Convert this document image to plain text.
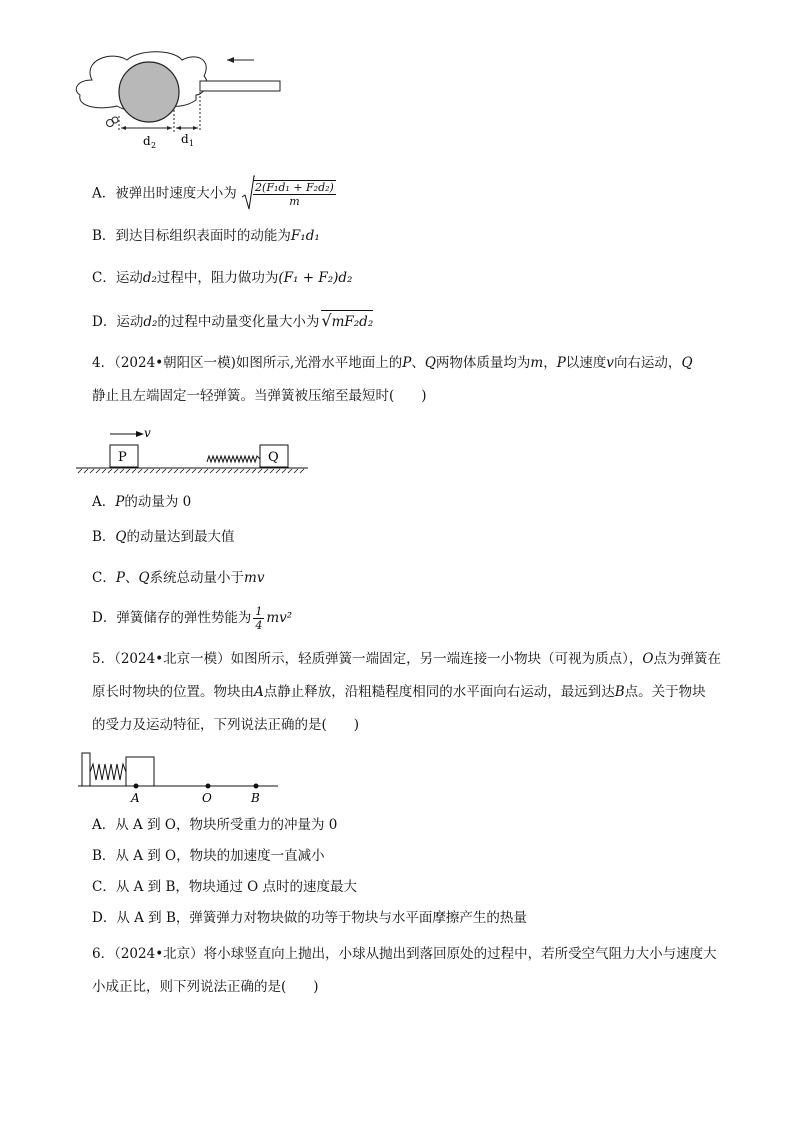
d 2 d 1
A．被弹出时速度大小为 $\frac{\text{2(F₁d₁ + F₂d₂)}}{m}$
B．到达目标组织表面时的动能为F₁d₁
C．运动d₂过程中，阻力做功为(F₁ + F₂)d₂
D．运动d₂的过程中动量变化量大小为 √mF₂d₂
4．（2024•朝阳区一模)如图所示,光滑水平地面上的P、Q两物体质量均为m，P以速度v向右运动，Q
静止且左端固定一轻弹簧。当弹簧被压缩至最短时(　　)
v
P	Q
A．P的动量为 0
B．Q的动量达到最大值
C．P、Q系统总动量小于mv
D．弹簧储存的弹性势能为 $\frac{1}{4} mv^2$
5．（2024•北京一模）如图所示，轻质弹簧一端固定，另一端连接一小物块（可视为质点），O点为弹簧在
原长时物块的位置。物块由A点静止释放，沿粗糙程度相同的水平面向右运动，最远到达B点。关于物块
的受力及运动特征，下列说法正确的是(　　)
A	O	B
A．从 A 到 O，物块所受重力的冲量为 0
B．从 A 到 O，物块的加速度一直减小
C．从 A 到 B，物块通过 O 点时的速度最大
D．从 A 到 B，弹簧弹力对物块做的功等于物块与水平面摩擦产生的热量
6．（2024•北京）将小球竖直向上抛出，小球从抛出到落回原处的过程中，若所受空气阻力大小与速度大
小成正比，则下列说法正确的是(　　)
